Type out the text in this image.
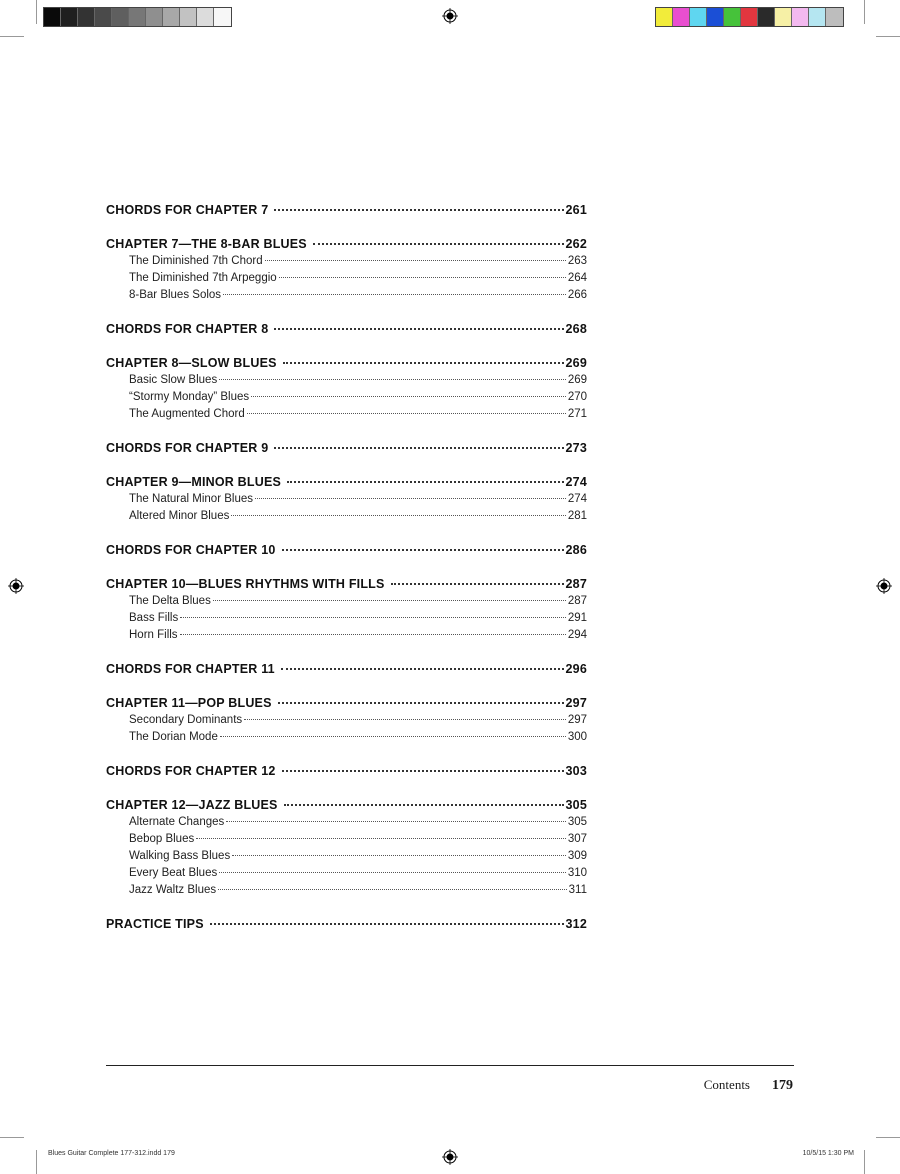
CHORDS FOR CHAPTER 7	261
CHAPTER 7—THE 8-BAR BLUES	262
The Diminished 7th Chord	263
The Diminished 7th Arpeggio	264
8-Bar Blues Solos	266
CHORDS FOR CHAPTER 8	268
CHAPTER 8—SLOW BLUES	269
Basic Slow Blues	269
“Stormy Monday” Blues	270
The Augmented Chord	271
CHORDS FOR CHAPTER 9	273
CHAPTER 9—MINOR BLUES	274
The Natural Minor Blues	274
Altered Minor Blues	281
CHORDS FOR CHAPTER 10	286
CHAPTER 10—BLUES RHYTHMS WITH FILLS	287
The Delta Blues	287
Bass Fills	291
Horn Fills	294
CHORDS FOR CHAPTER 11	296
CHAPTER 11—POP BLUES	297
Secondary Dominants	297
The Dorian Mode	300
CHORDS FOR CHAPTER 12	303
CHAPTER 12—JAZZ BLUES	305
Alternate Changes	305
Bebop Blues	307
Walking Bass Blues	309
Every Beat Blues	310
Jazz Waltz Blues	311
PRACTICE TIPS	312
Contents 179
Blues Guitar Complete 177-312.indd 179	10/5/15 1:30 PM
